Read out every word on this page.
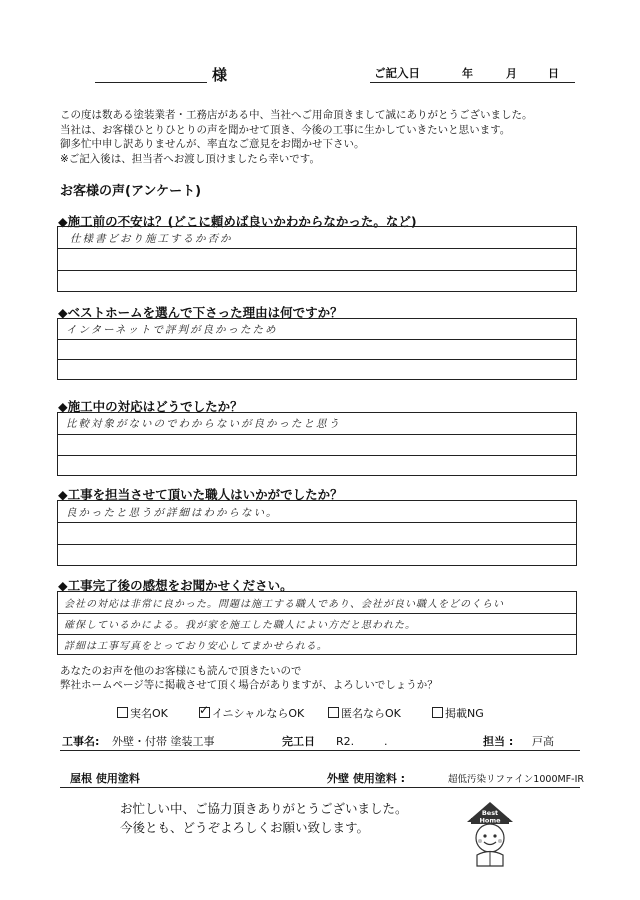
様	ご記入日	年	月	日
この度は数ある塗装業者・工務店がある中、当社へご用命頂きまして誠にありがとうございました。
当社は、お客様ひとりひとりの声を聞かせて頂き、今後の工事に生かしていきたいと思います。
御多忙中申し訳ありませんが、率直なご意見をお聞かせ下さい。
※ご記入後は、担当者へお渡し頂けましたら幸いです。
お客様の声(アンケート)
◆施工前の不安は？(どこに頼めば良いかわからなかった。など)
仕様書どおり施工するか否か
◆ベストホームを選んで下さった理由は何ですか？
インターネットで評判が良かったため
◆施工中の対応はどうでしたか？
比較対象がないのでわからないが良かったと思う
◆工事を担当させて頂いた職人はいかがでしたか？
良かったと思うが詳細はわからない。
◆工事完了後の感想をお聞かせください。
会社の対応は非常に良かった。問題は施工する職人であり、会社が良い職人をどのくらい
確保しているかによる。我が家を施工した職人によい方だと思われた。
詳細は工事写真をとっており安心してまかせられる。
あなたのお声を他のお客様にも読んで頂きたいので
弊社ホームページ等に掲載させて頂く場合がありますが、よろしいでしょうか？
実名OK
✓	イニシャルならOK	匿名ならOK	掲載NG
工事名: 外壁・付帯 塗装工事	完工日 R2.	.	担当 : 戸高
屋根 使用塗料	外壁 使用塗料 :	超低汚染リファイン1000MF-IR
お忙しい中、ご協力頂きありがとうございました。
今後とも、どうぞよろしくお願い致します。
Best
Home
